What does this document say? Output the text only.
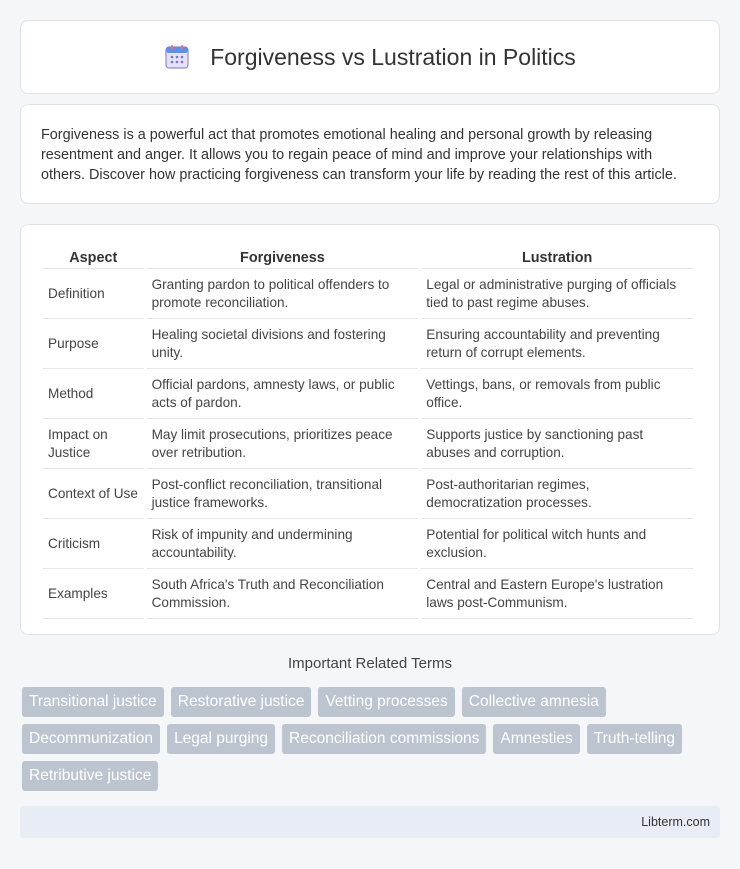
Forgiveness vs Lustration in Politics

Forgiveness is a powerful act that promotes emotional healing and personal growth by releasing resentment and anger. It allows you to regain peace of mind and improve your relationships with others. Discover how practicing forgiveness can transform your life by reading the rest of this article.

Aspect	Forgiveness	Lustration
Definition	Granting pardon to political offenders to promote reconciliation.	Legal or administrative purging of officials tied to past regime abuses.
Purpose	Healing societal divisions and fostering unity.	Ensuring accountability and preventing return of corrupt elements.
Method	Official pardons, amnesty laws, or public acts of pardon.	Vettings, bans, or removals from public office.
Impact on Justice	May limit prosecutions, prioritizes peace over retribution.	Supports justice by sanctioning past abuses and corruption.
Context of Use	Post-conflict reconciliation, transitional justice frameworks.	Post-authoritarian regimes, democratization processes.
Criticism	Risk of impunity and undermining accountability.	Potential for political witch hunts and exclusion.
Examples	South Africa's Truth and Reconciliation Commission.	Central and Eastern Europe's lustration laws post-Communism.
Important Related Terms
Transitional justice	Restorative justice	Vetting processes	Collective amnesia
Decommunization	Legal purging	Reconciliation commissions	Amnesties	Truth-telling
Retributive justice
Libterm.com
